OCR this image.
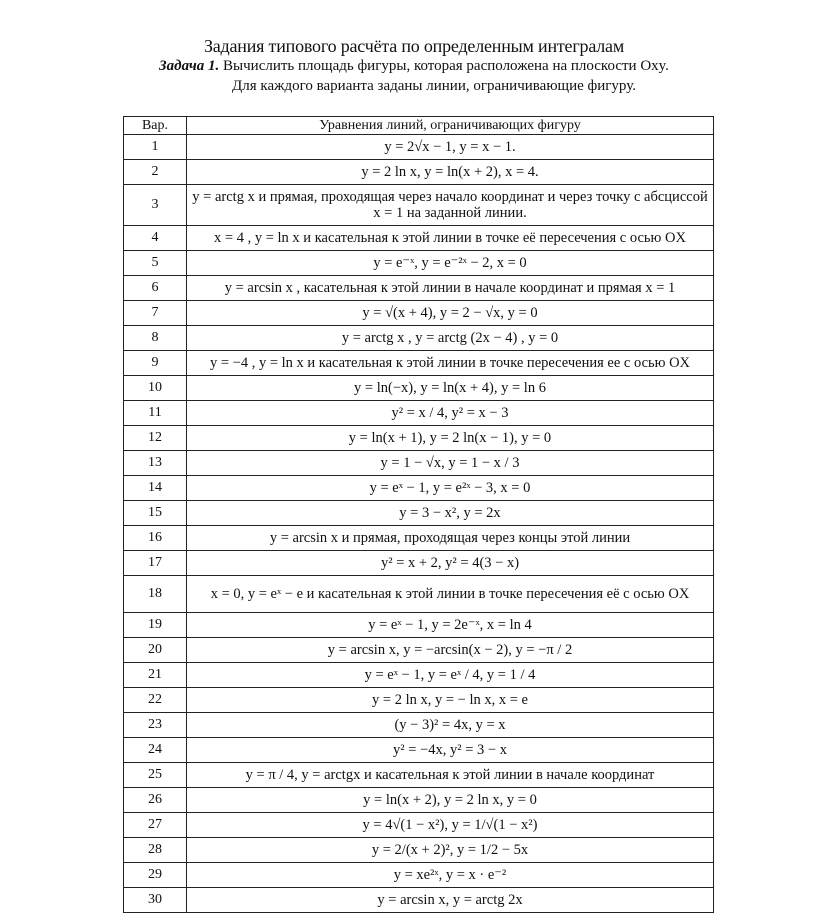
Задания типового расчёта по определенным интегралам
Задача 1. Вычислить площадь фигуры, которая расположена на плоскости Oxy.
Для каждого варианта заданы линии, ограничивающие фигуру.
Вар.	Уравнения линий, ограничивающих фигуру
1	y = 2√x − 1, y = x − 1.
2	y = 2 ln x, y = ln(x + 2), x = 4.
3	y = arctg x и прямая, проходящая через начало координат и через точку с абсциссой x = 1 на заданной линии.
4	x = 4 , y = ln x и касательная к этой линии в точке её пересечения с осью OX
5	y = e⁻ˣ, y = e⁻²ˣ − 2, x = 0
6	y = arcsin x , касательная к этой линии в начале координат и прямая x = 1
7	y = √(x + 4), y = 2 − √x, y = 0
8	y = arctg x , y = arctg (2x − 4) , y = 0
9	y = −4 , y = ln x и касательная к этой линии в точке пересечения ее с осью OX
10	y = ln(−x), y = ln(x + 4), y = ln 6
11	y² = x / 4, y² = x − 3
12	y = ln(x + 1), y = 2 ln(x − 1), y = 0
13	y = 1 − √x, y = 1 − x / 3
14	y = eˣ − 1, y = e²ˣ − 3, x = 0
15	y = 3 − x², y = 2x
16	y = arcsin x и прямая, проходящая через концы этой линии
17	y² = x + 2, y² = 4(3 − x)
18	x = 0, y = eˣ − e и касательная к этой линии в точке пересечения её с осью OX
19	y = eˣ − 1, y = 2e⁻ˣ, x = ln 4
20	y = arcsin x, y = −arcsin(x − 2), y = −π / 2
21	y = eˣ − 1, y = eˣ / 4, y = 1 / 4
22	y = 2 ln x, y = − ln x, x = e
23	(y − 3)² = 4x, y = x
24	y² = −4x, y² = 3 − x
25	y = π / 4, y = arctgx и касательная к этой линии в начале координат
26	y = ln(x + 2), y = 2 ln x, y = 0
27	y = 4√(1 − x²), y = 1/√(1 − x²)
28	y = 2/(x + 2)², y = 1/2 − 5x
29	y = xe²ˣ, y = x · e⁻²
30	y = arcsin x, y = arctg 2x
